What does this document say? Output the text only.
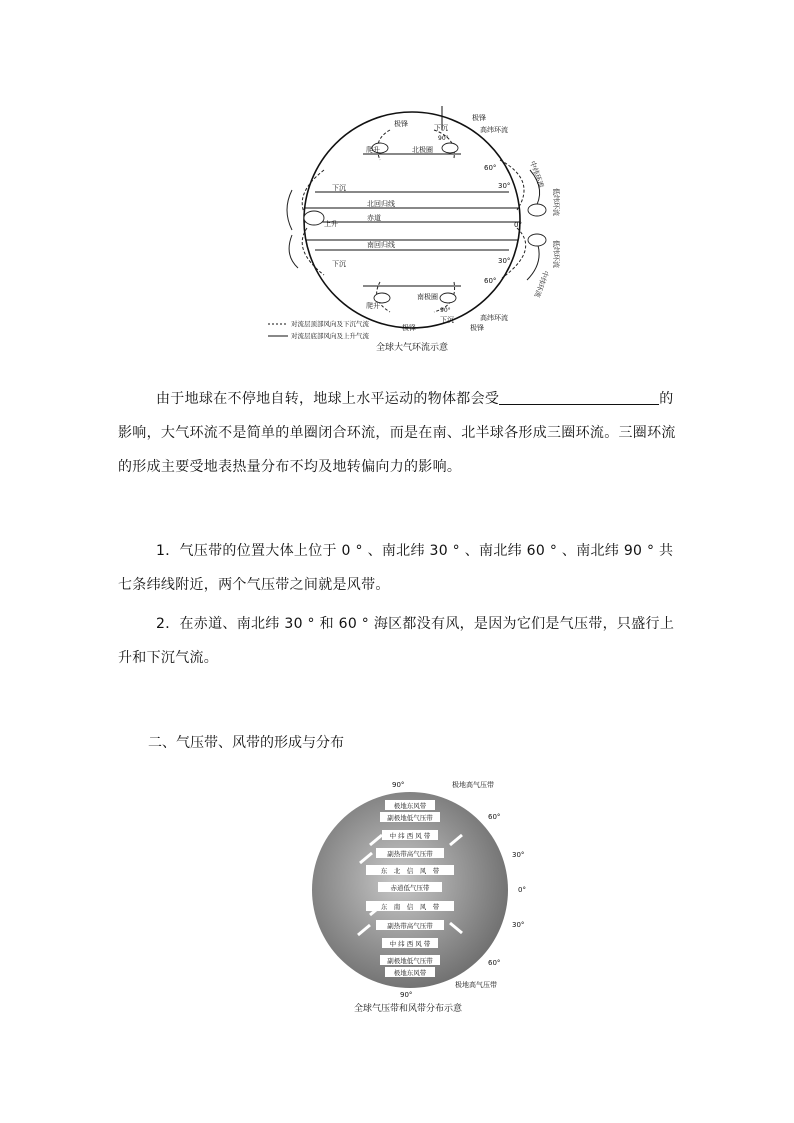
极锋
极锋
下沉
90°
高纬环流
爬升	北极圈
60°
30°
0°
30°
60°
北回归线
赤道
南回归线
南极圈
下沉
上升
下沉
爬升
90°
下沉	高纬环流
极锋	极锋
中纬环流
低纬环流
低纬环流
中纬环流
对流层顶部风向及下沉气流
对流层底部风向及上升气流
全球大气环流示意
由于地球在不停地自转，地球上水平运动的物体都会受	的影响，大气环流不是简单的单圈闭合环流，而是在南、北半球各形成三圈环流。三圈环流的形成主要受地表热量分布不均及地转偏向力的影响。
1．气压带的位置大体上位于 0 ° 、南北纬 30 ° 、南北纬 60 ° 、南北纬 90 ° 共七条纬线附近，两个气压带之间就是风带。
2．在赤道、南北纬 30 ° 和 60 ° 海区都没有风，是因为它们是气压带，只盛行上升和下沉气流。
二、气压带、风带的形成与分布
极地东风带
副极地低气压带
中 纬 西 风 带
副热带高气压带
东　北　信　风　带
赤道低气压带
东　南　信　风　带
副热带高气压带
中 纬 西 风 带
副极地低气压带
极地东风带
90°	极地高气压带
60°
30°
0°
30°
60°
极地高气压带
90°
全球气压带和风带分布示意
